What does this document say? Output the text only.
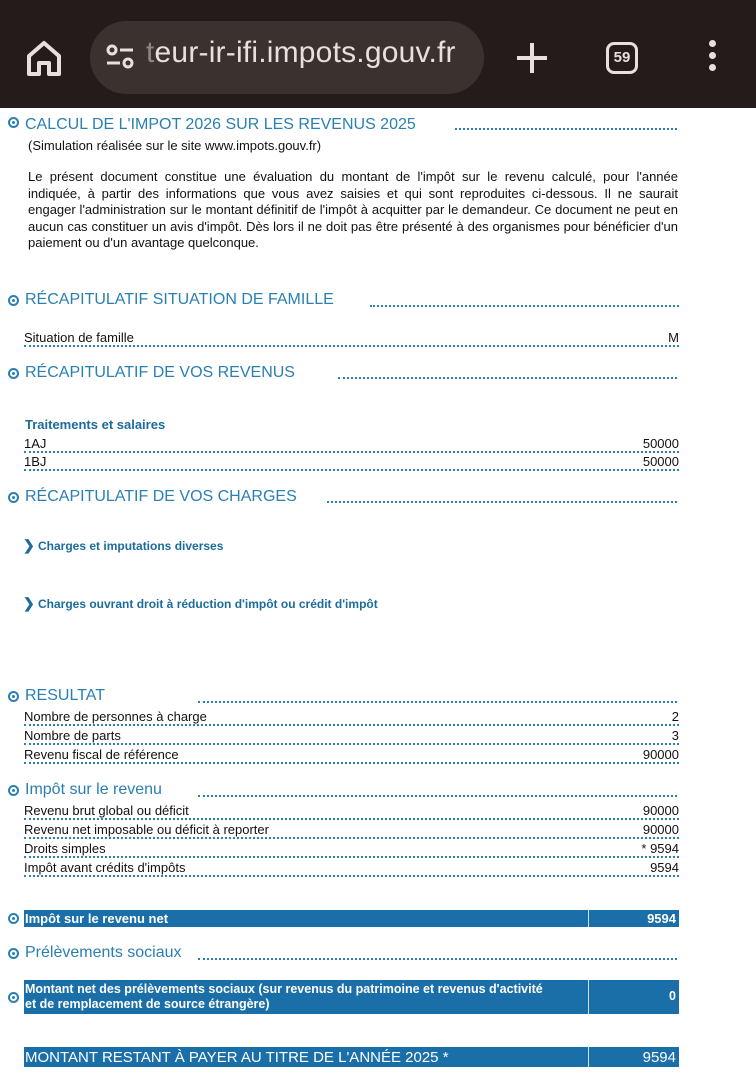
teur-ir-ifi.impots.gouv.fr	59
CALCUL DE L'IMPOT 2026 SUR LES REVENUS 2025
(Simulation réalisée sur le site www.impots.gouv.fr)
Le présent document constitue une évaluation du montant de l'impôt sur le revenu calculé, pour l'année indiquée, à partir des informations que vous avez saisies et qui sont reproduites ci-dessous. Il ne saurait engager l'administration sur le montant définitif de l'impôt à acquitter par le demandeur. Ce document ne peut en aucun cas constituer un avis d'impôt. Dès lors il ne doit pas être présenté à des organismes pour bénéficier d'un paiement ou d'un avantage quelconque.
RÉCAPITULATIF SITUATION DE FAMILLE
Situation de famille	M
RÉCAPITULATIF DE VOS REVENUS
Traitements et salaires
1AJ	50000
1BJ	50000
RÉCAPITULATIF DE VOS CHARGES
❯ Charges et imputations diverses
❯ Charges ouvrant droit à réduction d'impôt ou crédit d'impôt
RESULTAT
Nombre de personnes à charge	2
Nombre de parts	3
Revenu fiscal de référence	90000
Impôt sur le revenu
Revenu brut global ou déficit	90000
Revenu net imposable ou déficit à reporter	90000
Droits simples	* 9594
Impôt avant crédits d'impôts	9594
Impôt sur le revenu net	9594
Prélèvements sociaux
Montant net des prélèvements sociaux (sur revenus du patrimoine et revenus d'activité
et de remplacement de source étrangère)
0
MONTANT RESTANT À PAYER AU TITRE DE L'ANNÉE 2025 *	9594
